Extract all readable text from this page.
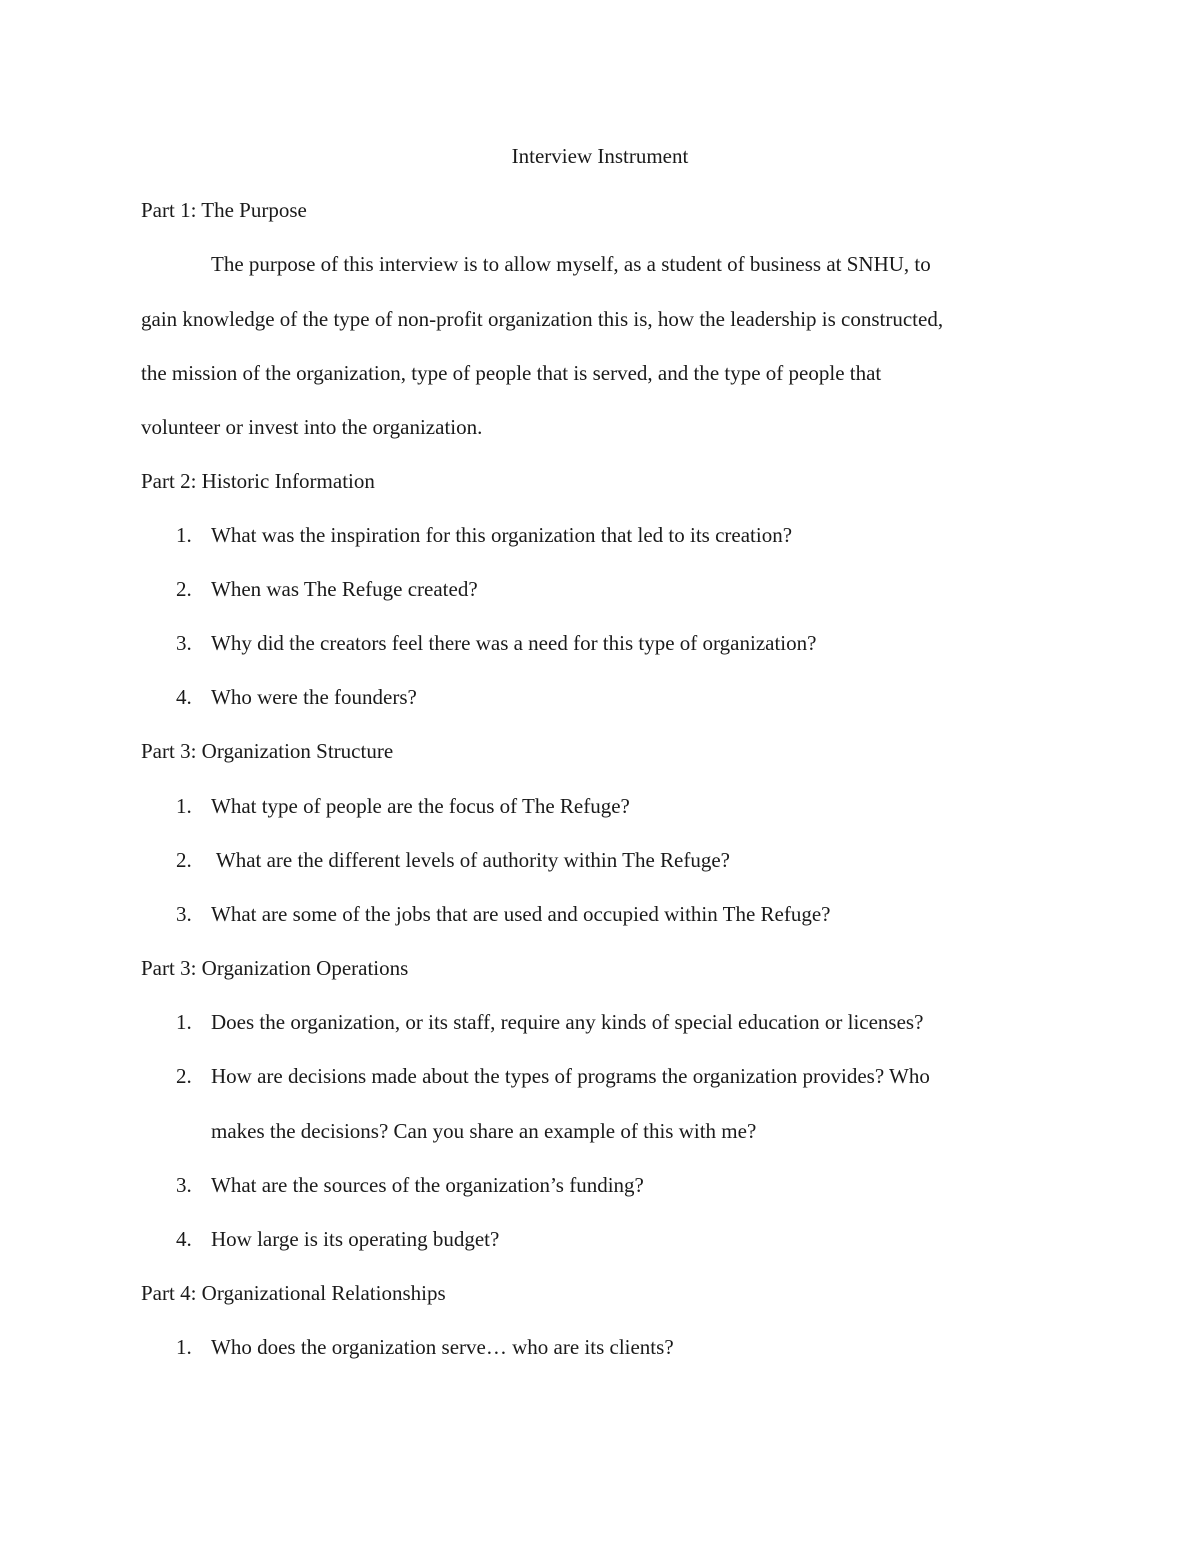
Interview Instrument
Part 1: The Purpose
The purpose of this interview is to allow myself, as a student of business at SNHU, to
gain knowledge of the type of non-profit organization this is, how the leadership is constructed,
the mission of the organization, type of people that is served, and the type of people that
volunteer or invest into the organization.
Part 2: Historic Information
1. What was the inspiration for this organization that led to its creation?
2. When was The Refuge created?
3. Why did the creators feel there was a need for this type of organization?
4. Who were the founders?
Part 3: Organization Structure
1. What type of people are the focus of The Refuge?
2. What are the different levels of authority within The Refuge?
3. What are some of the jobs that are used and occupied within The Refuge?
Part 3: Organization Operations
1. Does the organization, or its staff, require any kinds of special education or licenses?
2. How are decisions made about the types of programs the organization provides? Who
makes the decisions? Can you share an example of this with me?
3. What are the sources of the organization’s funding?
4. How large is its operating budget?
Part 4: Organizational Relationships
1. Who does the organization serve… who are its clients?
